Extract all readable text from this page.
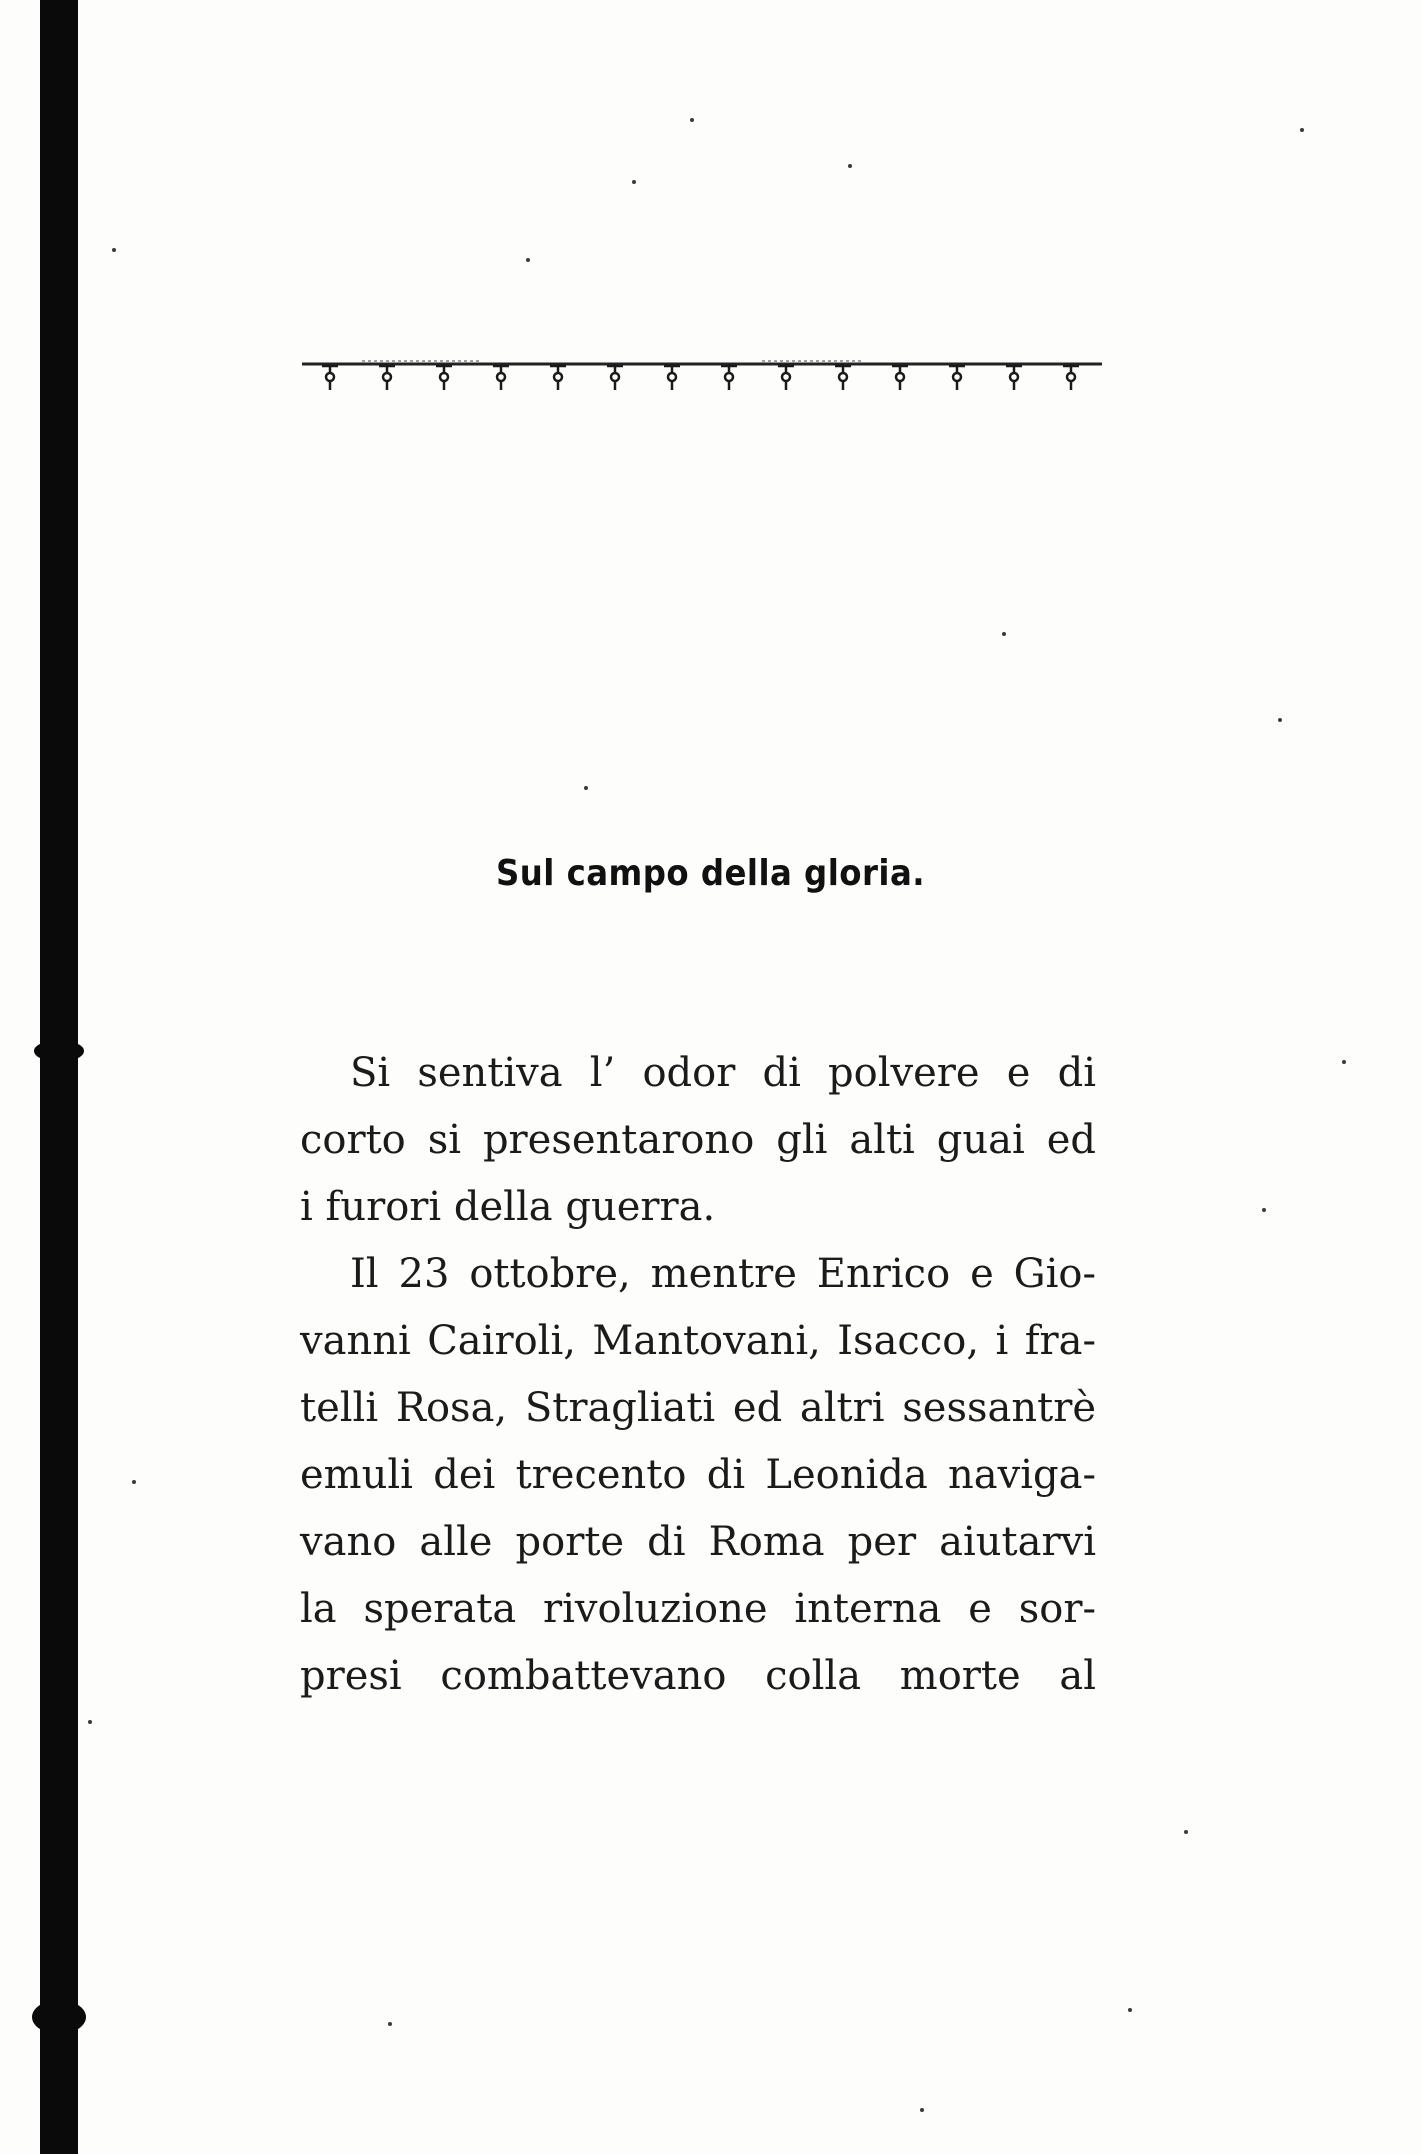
Sul campo della gloria.
Si sentiva l’ odor di polvere e di
corto si presentarono gli alti guai ed
i furori della guerra.
Il 23 ottobre, mentre Enrico e Gio-
vanni Cairoli, Mantovani, Isacco, i fra-
telli Rosa, Stragliati ed altri sessantrè
emuli dei trecento di Leonida naviga-
vano alle porte di Roma per aiutarvi
la sperata rivoluzione interna e sor-
presi combattevano colla morte al
